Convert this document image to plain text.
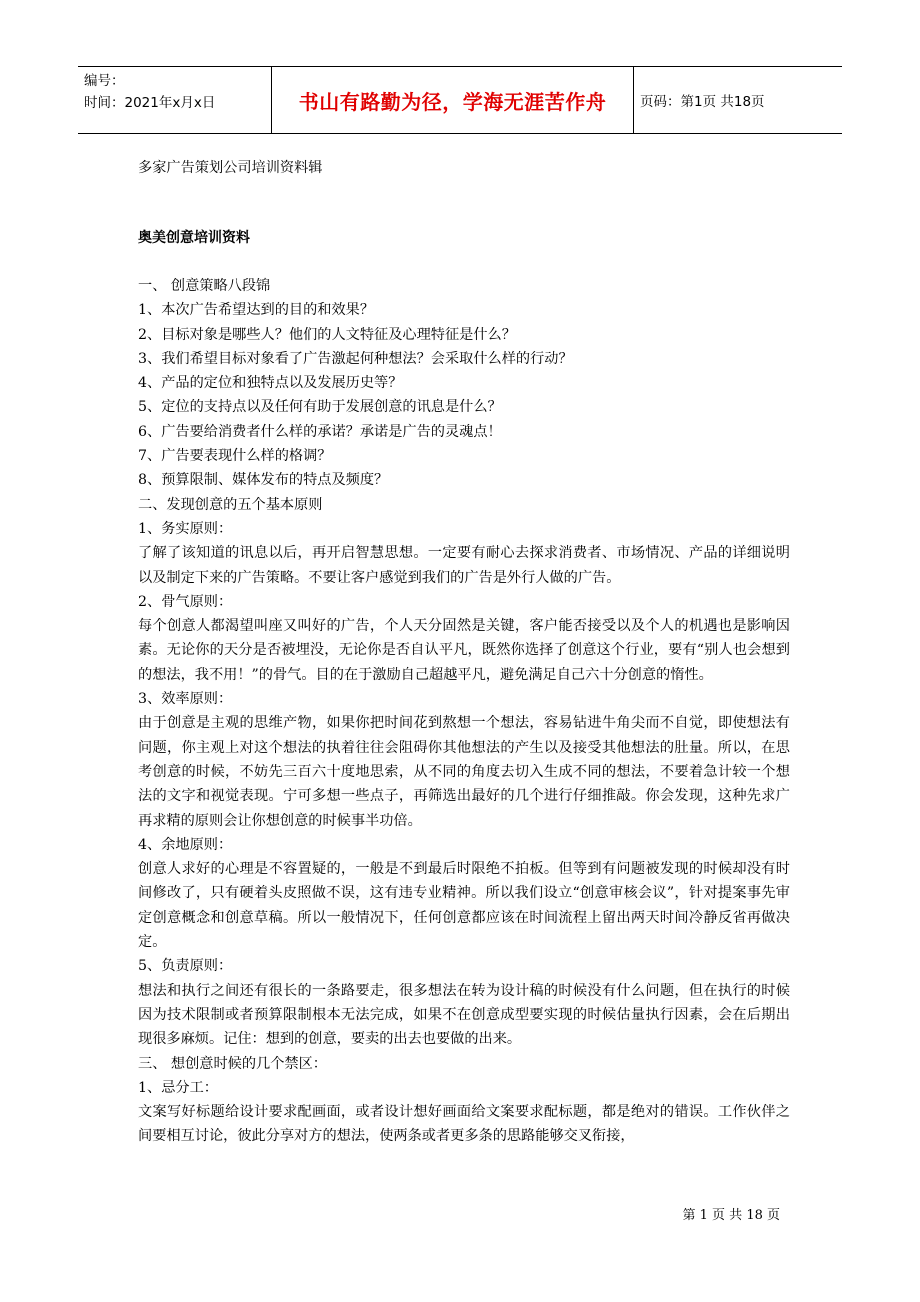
编号：
时间：2021年x月x日	书山有路勤为径，学海无涯苦作舟	页码：第1页 共18页
多家广告策划公司培训资料辑
奥美创意培训资料
一、 创意策略八段锦
1、本次广告希望达到的目的和效果？
2、目标对象是哪些人？他们的人文特征及心理特征是什么？
3、我们希望目标对象看了广告激起何种想法？会采取什么样的行动？
4、产品的定位和独特点以及发展历史等？
5、定位的支持点以及任何有助于发展创意的讯息是什么？
6、广告要给消费者什么样的承诺？承诺是广告的灵魂点！
7、广告要表现什么样的格调？
8、预算限制、媒体发布的特点及频度？
二、发现创意的五个基本原则
1、务实原则：
了解了该知道的讯息以后，再开启智慧思想。一定要有耐心去探求消费者、市场情况、产品的详细说明以及制定下来的广告策略。不要让客户感觉到我们的广告是外行人做的广告。
2、骨气原则：
每个创意人都渴望叫座又叫好的广告，个人天分固然是关键，客户能否接受以及个人的机遇也是影响因素。无论你的天分是否被埋没，无论你是否自认平凡，既然你选择了创意这个行业，要有“别人也会想到的想法，我不用！”的骨气。目的在于激励自己超越平凡，避免满足自己六十分创意的惰性。
3、效率原则：
由于创意是主观的思维产物，如果你把时间花到熬想一个想法，容易钻进牛角尖而不自觉，即使想法有问题，你主观上对这个想法的执着往往会阻碍你其他想法的产生以及接受其他想法的肚量。所以，在思考创意的时候，不妨先三百六十度地思索，从不同的角度去切入生成不同的想法，不要着急计较一个想法的文字和视觉表现。宁可多想一些点子，再筛选出最好的几个进行仔细推敲。你会发现，这种先求广再求精的原则会让你想创意的时候事半功倍。
4、余地原则：
创意人求好的心理是不容置疑的，一般是不到最后时限绝不拍板。但等到有问题被发现的时候却没有时间修改了，只有硬着头皮照做不误，这有违专业精神。所以我们设立“创意审核会议”，针对提案事先审定创意概念和创意草稿。所以一般情况下，任何创意都应该在时间流程上留出两天时间冷静反省再做决定。
5、负责原则：
想法和执行之间还有很长的一条路要走，很多想法在转为设计稿的时候没有什么问题，但在执行的时候因为技术限制或者预算限制根本无法完成，如果不在创意成型要实现的时候估量执行因素，会在后期出现很多麻烦。记住：想到的创意，要卖的出去也要做的出来。
三、 想创意时候的几个禁区：
1、忌分工：
文案写好标题给设计要求配画面，或者设计想好画面给文案要求配标题，都是绝对的错误。工作伙伴之间要相互讨论，彼此分享对方的想法，使两条或者更多条的思路能够交叉衔接，
第 1 页 共 18 页
